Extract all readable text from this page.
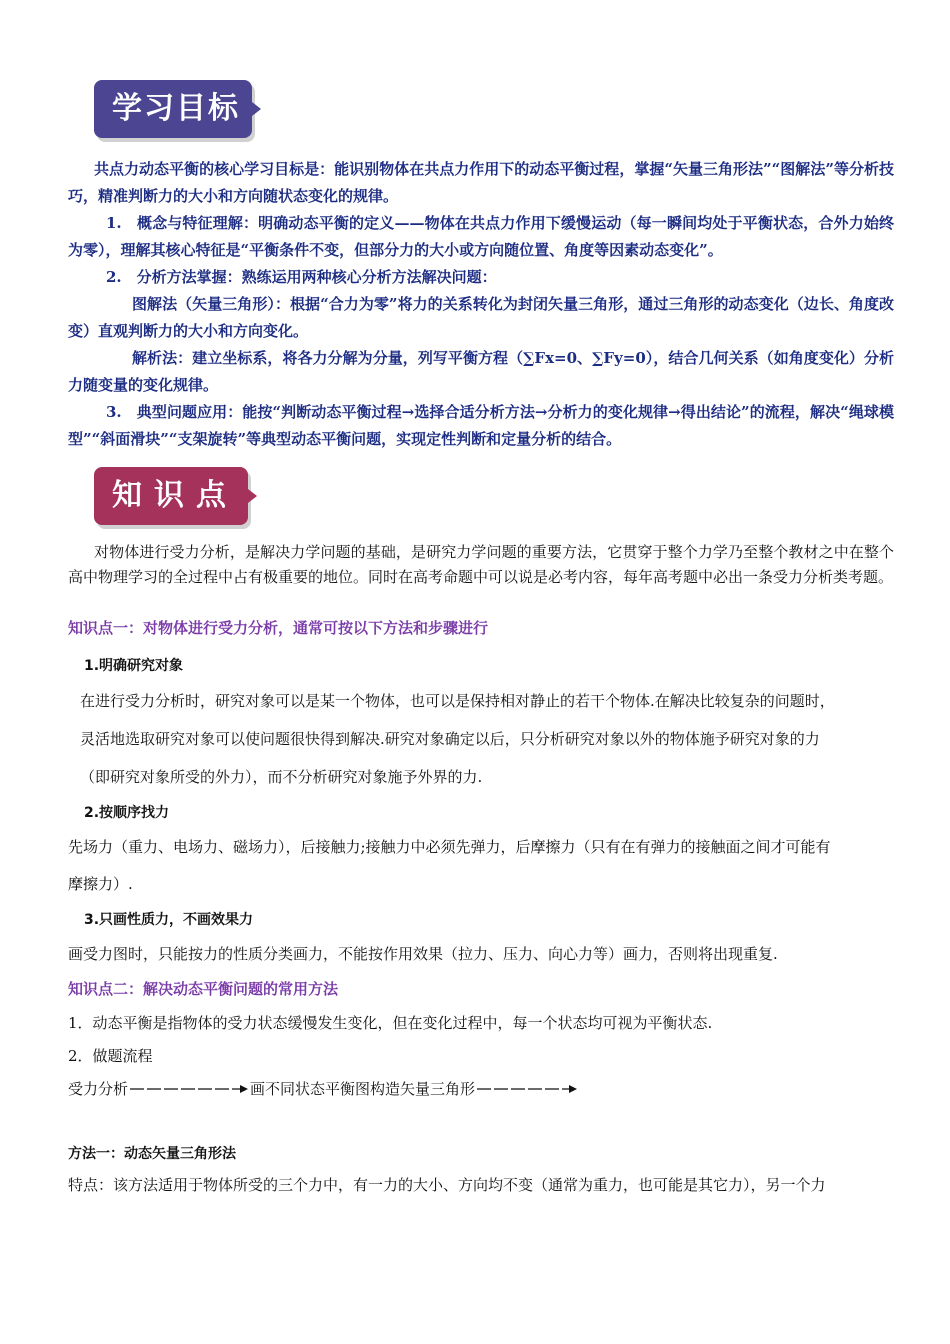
学习目标

共点力动态平衡的核心学习目标是：能识别物体在共点力作用下的动态平衡过程，掌握“矢量三角形法”“图解法”等分析技巧，精准判断力的大小和方向随状态变化的规律。

1.　概念与特征理解：明确动态平衡的定义——物体在共点力作用下缓慢运动（每一瞬间均处于平衡状态，合外力始终为零），理解其核心特征是“平衡条件不变，但部分力的大小或方向随位置、角度等因素动态变化”。

2.　分析方法掌握：熟练运用两种核心分析方法解决问题：

图解法（矢量三角形）：根据“合力为零”将力的关系转化为封闭矢量三角形，通过三角形的动态变化（边长、角度改变）直观判断力的大小和方向变化。

解析法：建立坐标系，将各力分解为分量，列写平衡方程（∑Fx=0、∑Fy=0），结合几何关系（如角度变化）分析力随变量的变化规律。

3.　典型问题应用：能按“判断动态平衡过程→选择合适分析方法→分析力的变化规律→得出结论”的流程，解决“绳球模型”“斜面滑块”“支架旋转”等典型动态平衡问题，实现定性判断和定量分析的结合。

知识点

对物体进行受力分析，是解决力学问题的基础，是研究力学问题的重要方法，它贯穿于整个力学乃至整个教材之中在整个高中物理学习的全过程中占有极重要的地位。同时在高考命题中可以说是必考内容，每年高考题中必出一条受力分析类考题。

知识点一：对物体进行受力分析，通常可按以下方法和步骤进行
1.明确研究对象
在进行受力分析时，研究对象可以是某一个物体，也可以是保持相对静止的若干个物体.在解决比较复杂的问题时，
灵活地选取研究对象可以使问题很快得到解决.研究对象确定以后，只分析研究对象以外的物体施予研究对象的力
（即研究对象所受的外力），而不分析研究对象施予外界的力.
2.按顺序找力
先场力（重力、电场力、磁场力），后接触力;接触力中必须先弹力，后摩擦力（只有在有弹力的接触面之间才可能有
摩擦力）.
3.只画性质力，不画效果力
画受力图时，只能按力的性质分类画力，不能按作用效果（拉力、压力、向心力等）画力，否则将出现重复.
知识点二：解决动态平衡问题的常用方法
1．动态平衡是指物体的受力状态缓慢发生变化，但在变化过程中，每一个状态均可视为平衡状态.
2．做题流程
受力分析	画不同状态平衡图构造矢量三角形
方法一：动态矢量三角形法
特点：该方法适用于物体所受的三个力中，有一力的大小、方向均不变（通常为重力，也可能是其它力），另一个力
